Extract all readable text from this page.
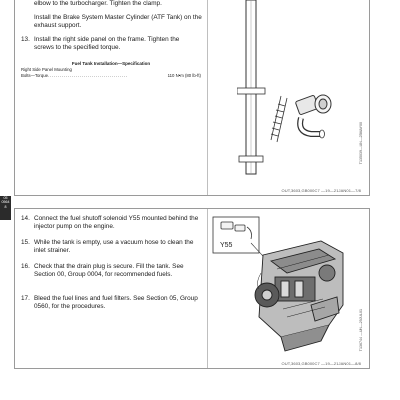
elbow to the turbocharger. Tighten the clamp.
Install the Brake System Master Cylinder (ATF Tank) on the exhaust support.
13. Install the right side panel on the frame. Tighten the screws to the specified torque.
Fuel Tank Installation—Specification
Right Side Panel Mounting
Bolts—Torque........................................	110 N•m (80 lb-ft)
T135039
—UN—25MAY00
OUT,3603,GB000C7 —19—21JAN01—7/8
05
0564
8
14. Connect the fuel shutoff solenoid Y55 mounted behind the injector pump on the engine.
15. While the tank is empty, use a vacuum hose to clean the inlet strainer.
16. Check that the drain plug is secure. Fill the tank. See Section 00, Group 0004, for recommended fuels.
17. Bleed the fuel lines and fuel filters. See Section 05, Group 0560, for the procedures.
Y55
T136744
—UN—29JUL01
OUT,3603,GB000C7 —19—21JAN01—8/8
